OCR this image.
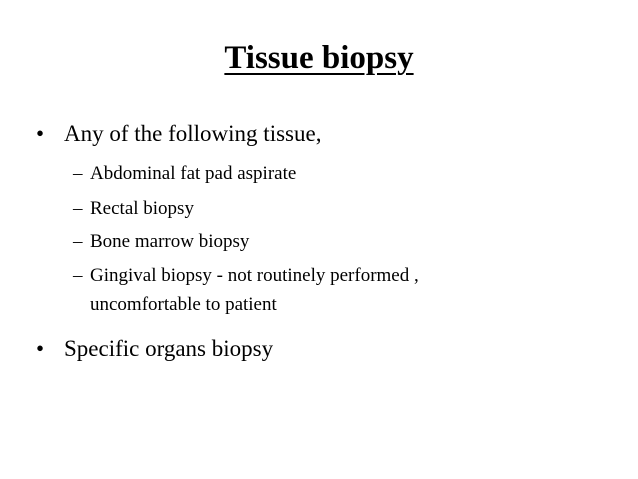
Tissue biopsy
• Any of the following tissue,
– Abdominal fat pad aspirate
– Rectal biopsy
– Bone marrow biopsy
– Gingival biopsy - not routinely performed ,
uncomfortable to patient
• Specific organs biopsy
